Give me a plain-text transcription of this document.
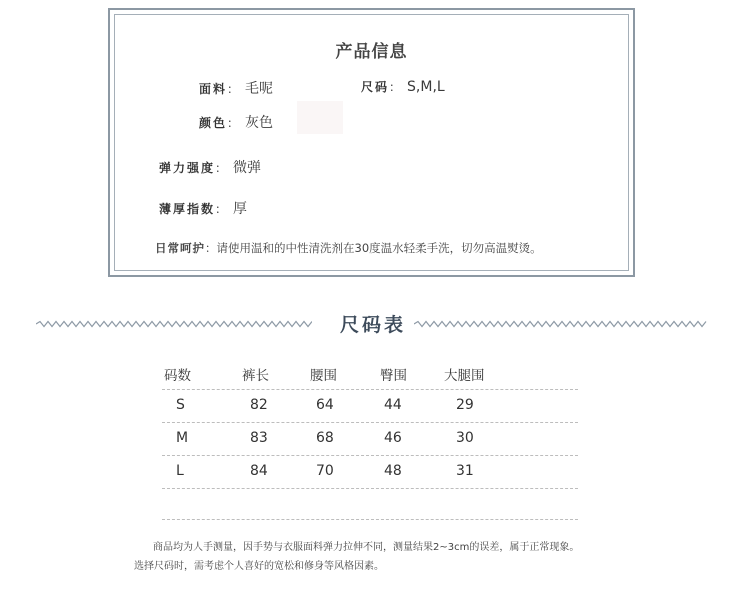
产品信息
面料： 毛呢	尺码： S,M,L
颜色： 灰色
弹力强度： 微弹
薄厚指数： 厚
日常呵护：请使用温和的中性清洗剂在30度温水轻柔手洗，切勿高温熨烫。
尺码表
码数	裤长	腰围	臀围	大腿围
S	82	64	44	29
M	83	68	46	30
L	84	70	48	31
商品均为人手测量，因手势与衣服面料弹力拉伸不同，测量结果2~3cm的误差，属于正常现象。
选择尺码时，需考虑个人喜好的宽松和修身等风格因素。
